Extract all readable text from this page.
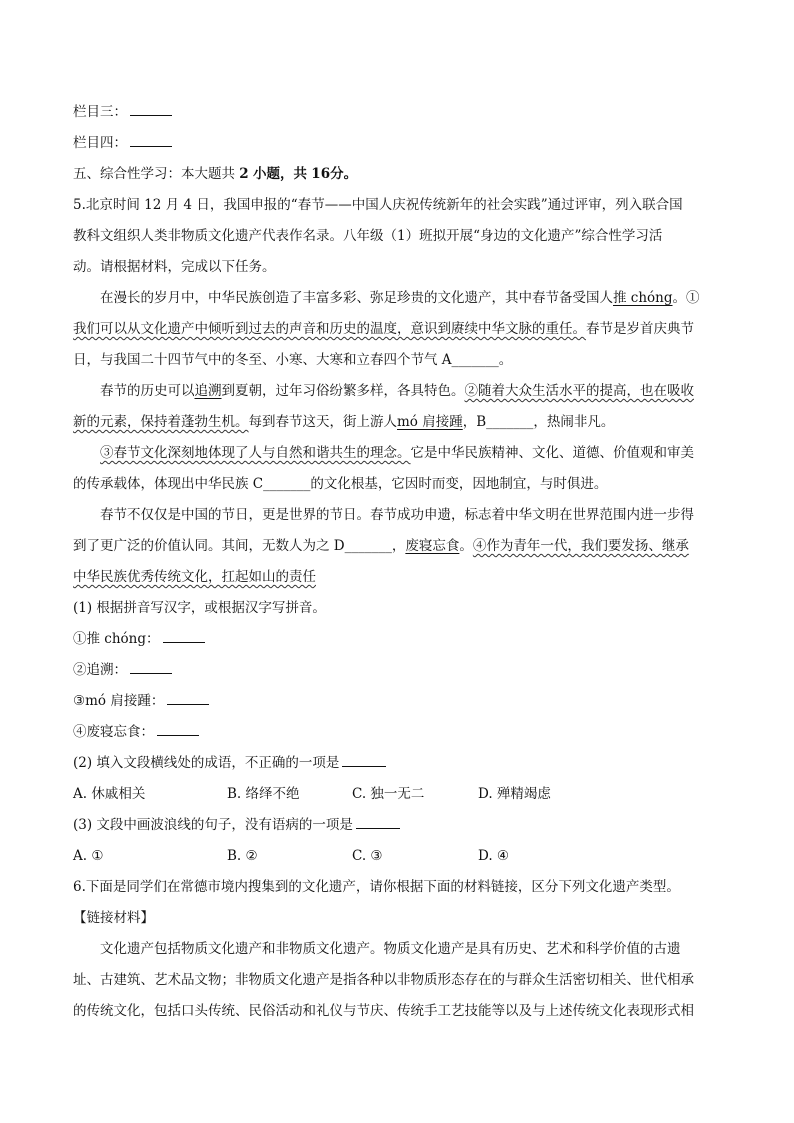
栏目三：
栏目四：
五、综合性学习：本大题共 2 小题，共 16分。
5.北京时间 12 月 4 日，我国申报的“春节——中国人庆祝传统新年的社会实践”通过评审，列入联合国
教科文组织人类非物质文化遗产代表作名录。八年级（1）班拟开展“身边的文化遗产”综合性学习活
动。请根据材料，完成以下任务。
在漫长的岁月中，中华民族创造了丰富多彩、弥足珍贵的文化遗产，其中春节备受国人推 chóng。①
我们可以从文化遗产中倾听到过去的声音和历史的温度，意识到赓续中华文脉的重任。春节是岁首庆典节
日，与我国二十四节气中的冬至、小寒、大寒和立春四个节气 A_______。
春节的历史可以追溯到夏朝，过年习俗纷繁多样，各具特色。②随着大众生活水平的提高，也在吸收
新的元素，保持着蓬勃生机。每到春节这天，街上游人mó 肩接踵，B_______，热闹非凡。
③春节文化深刻地体现了人与自然和谐共生的理念。它是中华民族精神、文化、道德、价值观和审美
的传承载体，体现出中华民族 C_______的文化根基，它因时而变，因地制宜，与时俱进。
春节不仅仅是中国的节日，更是世界的节日。春节成功申遗，标志着中华文明在世界范围内进一步得
到了更广泛的价值认同。其间，无数人为之 D_______，废寝忘食。④作为青年一代，我们要发扬、继承
中华民族优秀传统文化，扛起如山的责任
(1) 根据拼音写汉字，或根据汉字写拼音。
①推 chóng：
②追溯：
③mó 肩接踵：
④废寝忘食：
(2) 填入文段横线处的成语，不正确的一项是
A. 休戚相关	B. 络绎不绝	C. 独一无二	D. 殚精竭虑
(3) 文段中画波浪线的句子，没有语病的一项是
A. ①	B. ②	C. ③	D. ④
6.下面是同学们在常德市境内搜集到的文化遗产，请你根据下面的材料链接，区分下列文化遗产类型。
【链接材料】
文化遗产包括物质文化遗产和非物质文化遗产。物质文化遗产是具有历史、艺术和科学价值的古遗
址、古建筑、艺术品文物；非物质文化遗产是指各种以非物质形态存在的与群众生活密切相关、世代相承
的传统文化，包括口头传统、民俗活动和礼仪与节庆、传统手工艺技能等以及与上述传统文化表现形式相
